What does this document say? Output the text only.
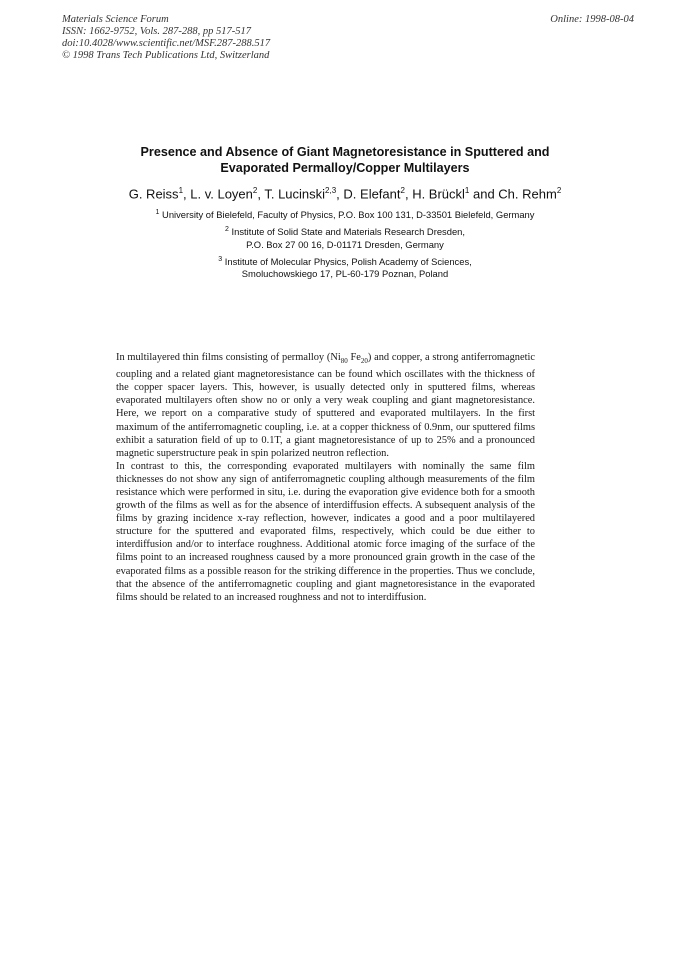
Materials Science Forum
ISSN: 1662-9752, Vols. 287-288, pp 517-517
doi:10.4028/www.scientific.net/MSF.287-288.517
© 1998 Trans Tech Publications Ltd, Switzerland
Online: 1998-08-04
Presence and Absence of Giant Magnetoresistance in Sputtered and
Evaporated Permalloy/Copper Multilayers
G. Reiss$^1$, L. v. Loyen$^2$, T. Lucinski$^{2,3}$, D. Elefant$^2$, H. Brückl$^1$ and Ch. Rehm$^2$
$^1$ University of Bielefeld, Faculty of Physics, P.O. Box 100 131, D-33501 Bielefeld, Germany
$^2$ Institute of Solid State and Materials Research Dresden,
P.O. Box 27 00 16, D-01171 Dresden, Germany
$^3$ Institute of Molecular Physics, Polish Academy of Sciences,
Smoluchowskiego 17, PL-60-179 Poznan, Poland

In multilayered thin films consisting of permalloy ($Ni_{80}$ $Fe_{20}$) and copper, a strong antiferromagnetic coupling and a related giant magnetoresistance can be found which oscillates with the thickness of the copper spacer layers. This, however, is usually detected only in sputtered films, whereas evaporated multilayers often show no or only a very weak coupling and giant magnetoresistance. Here, we report on a comparative study of sputtered and evaporated multilayers. In the first maximum of the antiferromagnetic coupling, i.e. at a copper thickness of 0.9nm, our sputtered films exhibit a saturation field of up to 0.1T, a giant magnetoresistance of up to 25% and a pronounced magnetic superstructure peak in spin polarized neutron reflection.

In contrast to this, the corresponding evaporated multilayers with nominally the same film thicknesses do not show any sign of antiferromagnetic coupling although measurements of the film resistance which were performed in situ, i.e. during the evaporation give evidence both for a smooth growth of the films as well as for the absence of interdiffusion effects. A subsequent analysis of the films by grazing incidence x-ray reflection, however, indicates a good and a poor multilayered structure for the sputtered and evaporated films, respectively, which could be due either to interdiffusion and/or to interface roughness. Additional atomic force imaging of the surface of the films point to an increased roughness caused by a more pronounced grain growth in the case of the evaporated films as a possible reason for the striking difference in the properties. Thus we conclude, that the absence of the antiferromagnetic coupling and giant magnetoresistance in the evaporated films should be related to an increased roughness and not to interdiffusion.
